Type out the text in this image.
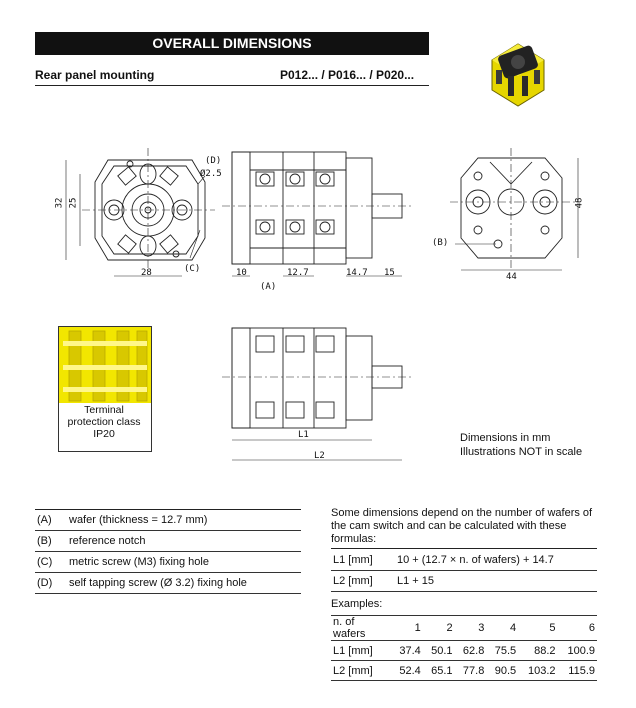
OVERALL DIMENSIONS
Rear panel mounting	P012... / P016... / P020...
(D)
Ø2.5
(C)
32 25
28	10	12.7
(A)
14.7 15
(B)
48
44
L1
L2
Terminal
protection class
IP20	Dimensions in mm
Illustrations NOT in scale
(A) wafer (thickness = 12.7 mm)
(B) reference notch
(C) metric screw (M3) fixing hole
(D) self tapping screw (Ø 3.2) fixing hole
Some dimensions depend on the number of wafers of the cam switch and can be calculated with these formulas:
L1 [mm] 10 + (12.7 × n. of wafers) + 14.7
L2 [mm] L1 + 15
Examples:
n. of wafers	1	2	3	4	5	6
L1 [mm]	37.4	50.1	62.8	75.5	88.2	100.9
L2 [mm]	52.4	65.1	77.8	90.5	103.2	115.9
